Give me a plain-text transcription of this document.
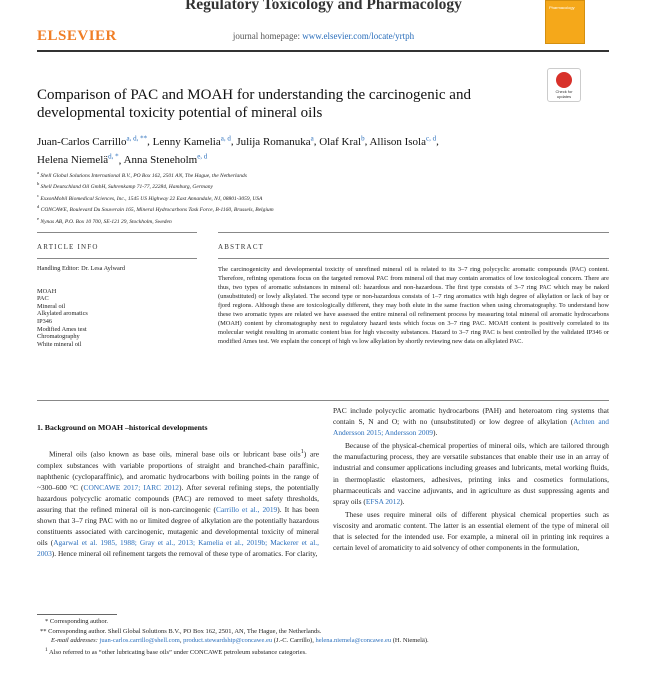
Regulatory Toxicology and Pharmacology
journal homepage: www.elsevier.com/locate/yrtph
ELSEVIER
Pharmacology
Check for updates
Comparison of PAC and MOAH for understanding the carcinogenic and developmental toxicity potential of mineral oils
Juan-Carlos Carrillo$^{a, d, **}$, Lenny Kamelia$^{a, d}$, Julija Romanuka$^a$, Olaf Kral$^b$, Allison Isola$^{c, d}$,
Helena Niemelä$^{d, *}$, Anna Steneholm$^{e, d}$
$^a$ Shell Global Solutions International B.V., PO Box 162, 2501 AN, The Hague, the Netherlands
$^b$ Shell Deutschland Oil GmbH, Suhrenkamp 71-77, 22284, Hamburg, Germany
$^c$ ExxonMobil Biomedical Sciences, Inc., 1545 US Highway 22 East Annandale, NJ, 08801-3059, USA
$^d$ CONCAWE, Boulevard Du Souverain 165, Mineral Hydrocarbons Task Force, B-1160, Brussels, Belgium
$^e$ Nynas AB, P.O. Box 10 700, SE-121 29, Stockholm, Sweden
ARTICLE INFO	ABSTRACT
Handling Editor: Dr. Lesa Aylward
MOAH
PAC
Mineral oil
Alkylated aromatics
IP346
Modified Ames test
Chromatography
White mineral oil
The carcinogenicity and developmental toxicity of unrefined mineral oil is related to its 3–7 ring polycyclic aromatic compounds (PAC) content. Therefore, refining operations focus on the targeted removal PAC from mineral oil that may contain aromatics of low toxicological concern. There are thus, two types of aromatic substances in mineral oil: hazardous and non-hazardous. The first type consists of 3–7 ring PAC which may be naked (unsubstituted) or lowly alkylated. The second type or non-hazardous consists of 1–7 ring aromatics with high degree of alkylation or lack of bay or fjord regions. Although these are toxicologically different, they may both elute in the same fraction when using chromatography. To understand how these two aromatic types are related we have assessed the entire mineral oil refinement process by measuring total mineral oil aromatic hydrocarbons (MOAH) content by chromatography next to regulatory hazard tests which focus on 3–7 ring PAC. MOAH content is positively correlated to its molecular weight resulting in aromatic content bias for high viscosity substances. Hazard to 3–7 ring PAC is best controlled by the validated IP346 or modified Ames test. We explain the concept of high vs low alkylation by shortly reviewing new data on alkylated PAC.
1. Background on MOAH –historical developments

Mineral oils (also known as base oils, mineral base oils or lubricant base oils$^1$) are complex substances with variable proportions of straight and branched-chain paraffinic, naphthenic (cycloparaffinic), and aromatic hydrocarbons with boiling points in the range of ~300–600 °C (CONCAWE 2017; IARC 2012). After several refining steps, the potentially hazardous polycyclic aromatic compounds (PAC) are removed to meet safety thresholds, assuring that the refined mineral oil is non-carcinogenic (Carrillo et al., 2019). It has been shown that 3–7 ring PAC with no or limited degree of alkylation are the potentially hazardous constituents associated with carcinogenic, mutagenic and developmental toxicity of mineral oils (Agarwal et al. 1985, 1988; Gray et al., 2013; Kamelia et al., 2019b; Mackerer et al., 2003). Hence mineral oil refinement targets the removal of these type of aromatics. For clarity,

PAC include polycyclic aromatic hydrocarbons (PAH) and heteroatom ring systems that contain S, N and O; with no (unsubstituted) or low degree of alkylation (Achten and Andersson 2015; Andersson 2009).

Because of the physical-chemical properties of mineral oils, which are tailored through the manufacturing process, they are versatile substances that enable their use in an array of industrial and consumer applications including greases and lubricants, metal working fluids, in thermoplastic elastomers, adhesives, printing inks and cosmetics formulations, pharmaceuticals and vaccine adjuvants, and in agriculture as dust suppressing agents and spray oils (EFSA 2012).

These uses require mineral oils of different physical chemical properties such as viscosity and aromatic content. The latter is an essential element of the type of mineral oil that is selected for the intended use. For example, a mineral oil in printing ink requires a certain level of aromaticity to aid solvency of other components in the formulation,

* Corresponding author.
** Corresponding author. Shell Global Solutions B.V., PO Box 162, 2501, AN, The Hague, the Netherlands.
E-mail addresses: juan-carlos.carrillo@shell.com, product.stewardship@concawe.eu (J.-C. Carrillo), helena.niemela@concawe.eu (H. Niemelä).
$^1$ Also referred to as “other lubricating base oils” under CONCAWE petroleum substance categories.
